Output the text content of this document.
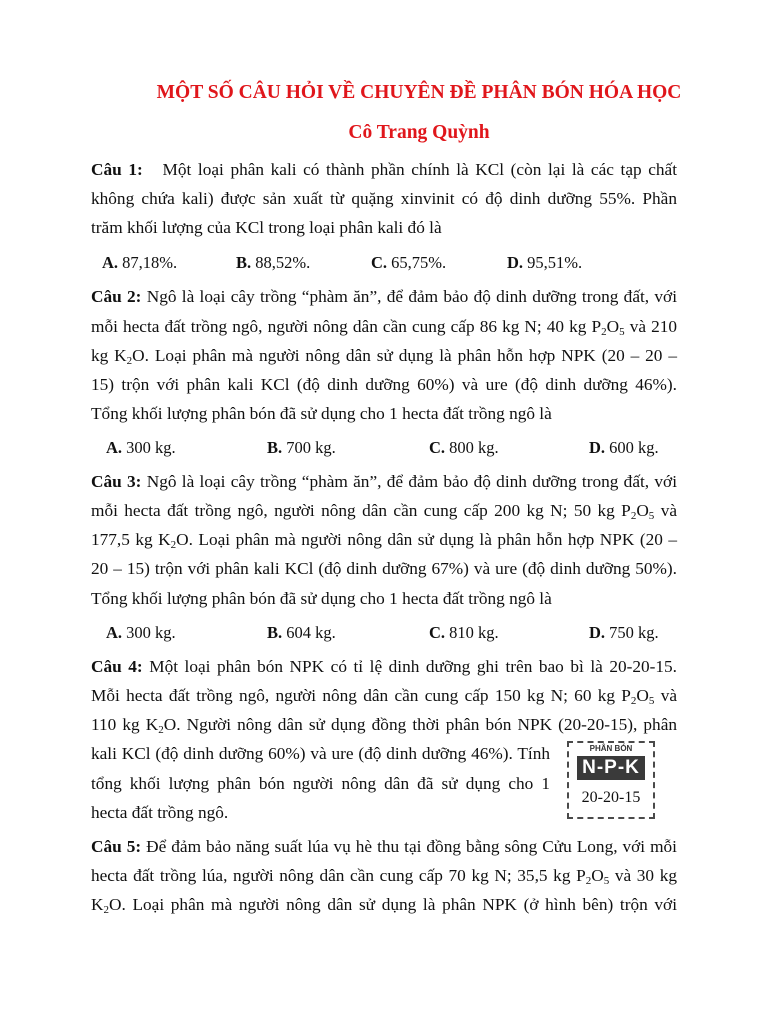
MỘT SỐ CÂU HỎI VỀ CHUYÊN ĐỀ PHÂN BÓN HÓA HỌC
Cô Trang Quỳnh
Câu 1: Một loại phân kali có thành phần chính là KCl (còn lại là các tạp chất
không chứa kali) được sản xuất từ quặng xinvinit có độ dinh dưỡng 55%. Phần
trăm khối lượng của KCl trong loại phân kali đó là
A. 87,18%.	B. 88,52%.	C. 65,75%.	D. 95,51%.
Câu 2: Ngô là loại cây trồng “phàm ăn”, để đảm bảo độ dinh dưỡng trong đất, với
mỗi hecta đất trồng ngô, người nông dân cần cung cấp 86 kg N; 40 kg $P_2O_5$ và 210
kg $K_2O$. Loại phân mà người nông dân sử dụng là phân hỗn hợp NPK (20 – 20 –
15) trộn với phân kali KCl (độ dinh dưỡng 60%) và ure (độ dinh dưỡng 46%).
Tổng khối lượng phân bón đã sử dụng cho 1 hecta đất trồng ngô là
A. 300 kg.	B. 700 kg.	C. 800 kg.	D. 600 kg.
Câu 3: Ngô là loại cây trồng “phàm ăn”, để đảm bảo độ dinh dưỡng trong đất, với
mỗi hecta đất trồng ngô, người nông dân cần cung cấp 200 kg N; 50 kg $P_2O_5$ và
177,5 kg $K_2O$. Loại phân mà người nông dân sử dụng là phân hỗn hợp NPK (20 –
20 – 15) trộn với phân kali KCl (độ dinh dưỡng 67%) và ure (độ dinh dưỡng 50%).
Tổng khối lượng phân bón đã sử dụng cho 1 hecta đất trồng ngô là
A. 300 kg.	B. 604 kg.	C. 810 kg.	D. 750 kg.
Câu 4: Một loại phân bón NPK có tỉ lệ dinh dưỡng ghi trên bao bì là 20-20-15.
Mỗi hecta đất trồng ngô, người nông dân cần cung cấp 150 kg N; 60 kg $P_2O_5$ và
110 kg $K_2O$. Người nông dân sử dụng đồng thời phân bón NPK (20-20-15), phân
kali KCl (độ dinh dưỡng 60%) và ure (độ dinh dưỡng 46%). Tính
tổng khối lượng phân bón người nông dân đã sử dụng cho 1
hecta đất trồng ngô.
PHÂN BÓN
N-P-K
20-20-15
Câu 5: Để đảm bảo năng suất lúa vụ hè thu tại đồng bằng sông Cửu Long, với mỗi
hecta đất trồng lúa, người nông dân cần cung cấp 70 kg N; 35,5 kg $P_2O_5$ và 30 kg
$K_2O$. Loại phân mà người nông dân sử dụng là phân NPK (ở hình bên) trộn với
